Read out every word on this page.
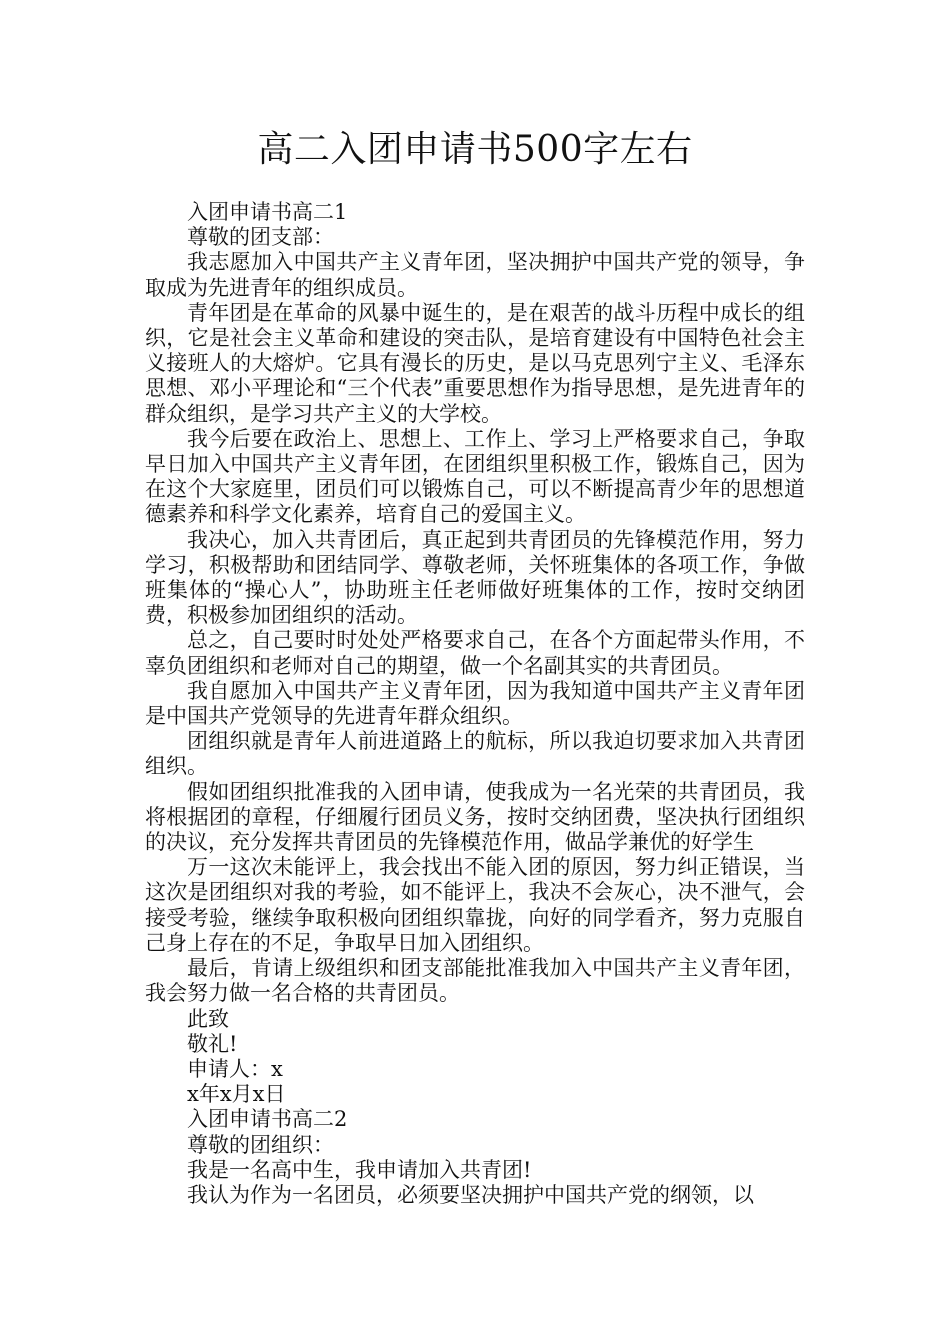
高二入团申请书500字左右

入团申请书高二1

尊敬的团支部：

我志愿加入中国共产主义青年团，坚决拥护中国共产党的领导，争取成为先进青年的组织成员。

青年团是在革命的风暴中诞生的，是在艰苦的战斗历程中成长的组织，它是社会主义革命和建设的突击队，是培育建设有中国特色社会主义接班人的大熔炉。它具有漫长的历史，是以马克思列宁主义、毛泽东思想、邓小平理论和“三个代表”重要思想作为指导思想，是先进青年的群众组织，是学习共产主义的大学校。

我今后要在政治上、思想上、工作上、学习上严格要求自己，争取早日加入中国共产主义青年团，在团组织里积极工作，锻炼自己，因为在这个大家庭里，团员们可以锻炼自己，可以不断提高青少年的思想道德素养和科学文化素养，培育自己的爱国主义。

我决心，加入共青团后，真正起到共青团员的先锋模范作用，努力学习，积极帮助和团结同学、尊敬老师，关怀班集体的各项工作，争做班集体的“操心人”，协助班主任老师做好班集体的工作，按时交纳团费，积极参加团组织的活动。

总之，自己要时时处处严格要求自己，在各个方面起带头作用，不辜负团组织和老师对自己的期望，做一个名副其实的共青团员。

我自愿加入中国共产主义青年团，因为我知道中国共产主义青年团是中国共产党领导的先进青年群众组织。

团组织就是青年人前进道路上的航标，所以我迫切要求加入共青团组织。

假如团组织批准我的入团申请，使我成为一名光荣的共青团员，我将根据团的章程，仔细履行团员义务，按时交纳团费，坚决执行团组织的决议，充分发挥共青团员的先锋模范作用，做品学兼优的好学生

万一这次未能评上，我会找出不能入团的原因，努力纠正错误，当这次是团组织对我的考验，如不能评上，我决不会灰心，决不泄气，会接受考验，继续争取积极向团组织靠拢，向好的同学看齐，努力克服自己身上存在的不足，争取早日加入团组织。

最后，肯请上级组织和团支部能批准我加入中国共产主义青年团，我会努力做一名合格的共青团员。

此致

敬礼!

申请人：x

x年x月x日

入团申请书高二2

尊敬的团组织：

我是一名高中生，我申请加入共青团!

我认为作为一名团员，必须要坚决拥护中国共产党的纲领，以
